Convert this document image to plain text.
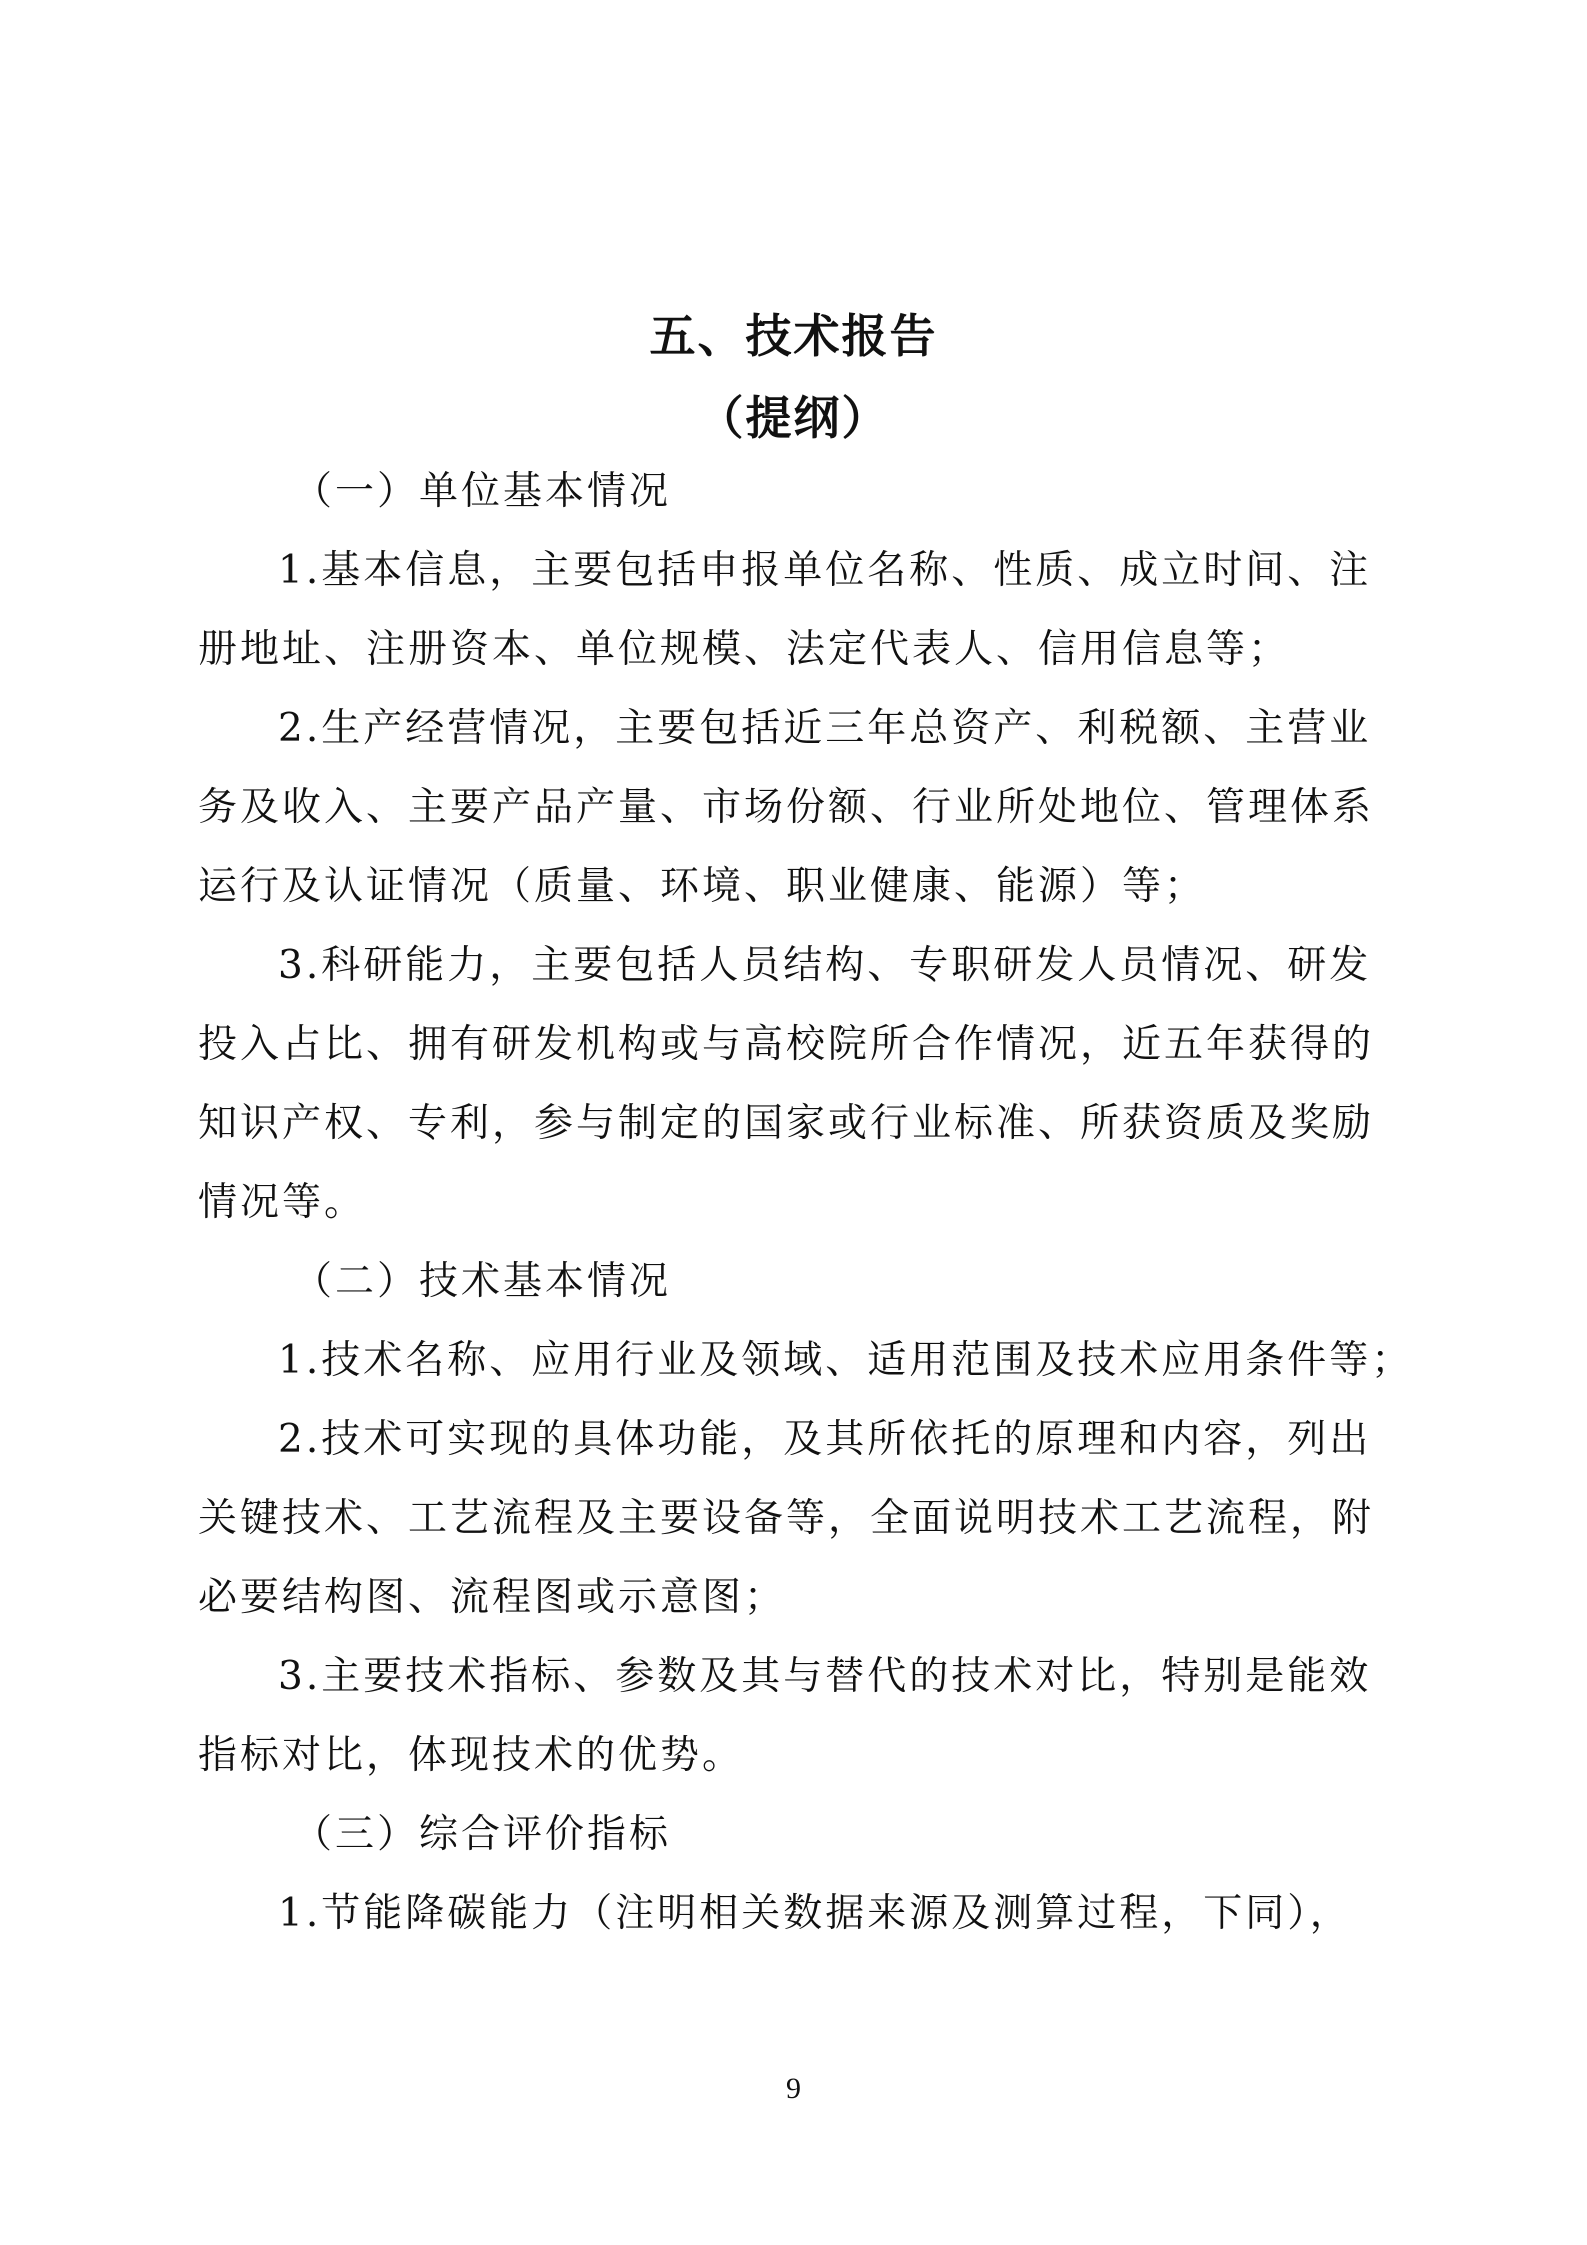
五、技术报告
（提纲）
（一）单位基本情况
1.基本信息，主要包括申报单位名称、性质、成立时间、注
册地址、注册资本、单位规模、法定代表人、信用信息等；
2.生产经营情况，主要包括近三年总资产、利税额、主营业
务及收入、主要产品产量、市场份额、行业所处地位、管理体系
运行及认证情况（质量、环境、职业健康、能源）等；
3.科研能力，主要包括人员结构、专职研发人员情况、研发
投入占比、拥有研发机构或与高校院所合作情况，近五年获得的
知识产权、专利，参与制定的国家或行业标准、所获资质及奖励
情况等。
（二）技术基本情况
1.技术名称、应用行业及领域、适用范围及技术应用条件等；
2.技术可实现的具体功能，及其所依托的原理和内容，列出
关键技术、工艺流程及主要设备等，全面说明技术工艺流程，附
必要结构图、流程图或示意图；
3.主要技术指标、参数及其与替代的技术对比，特别是能效
指标对比，体现技术的优势。
（三）综合评价指标
1.节能降碳能力（注明相关数据来源及测算过程，下同），
9
